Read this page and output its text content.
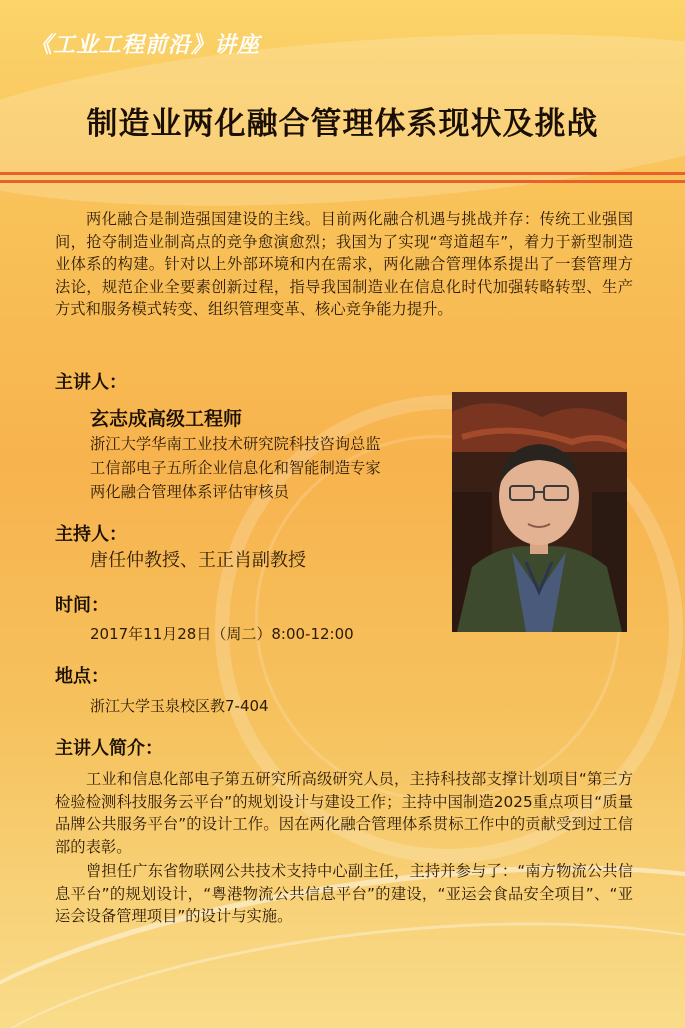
《工业工程前沿》讲座
制造业两化融合管理体系现状及挑战
两化融合是制造强国建设的主线。目前两化融合机遇与挑战并存：传统工业强国间，抢夺制造业制高点的竞争愈演愈烈；我国为了实现“弯道超车”，着力于新型制造业体系的构建。针对以上外部环境和内在需求，两化融合管理体系提出了一套管理方法论，规范企业全要素创新过程，指导我国制造业在信息化时代加强转略转型、生产方式和服务模式转变、组织管理变革、核心竞争能力提升。
主讲人：
玄志成高级工程师
浙江大学华南工业技术研究院科技咨询总监
工信部电子五所企业信息化和智能制造专家
两化融合管理体系评估审核员
主持人：
唐任仲教授、王正肖副教授
时间：
2017年11月28日（周二）8:00-12:00
地点：
浙江大学玉泉校区教7-404
主讲人简介：
工业和信息化部电子第五研究所高级研究人员，主持科技部支撑计划项目“第三方检验检测科技服务云平台”的规划设计与建设工作；主持中国制造2025重点项目“质量品牌公共服务平台”的设计工作。因在两化融合管理体系贯标工作中的贡献受到过工信部的表彰。
曾担任广东省物联网公共技术支持中心副主任，主持并参与了：“南方物流公共信息平台”的规划设计，“粤港物流公共信息平台”的建设，“亚运会食品安全项目”、“亚运会设备管理项目”的设计与实施。
